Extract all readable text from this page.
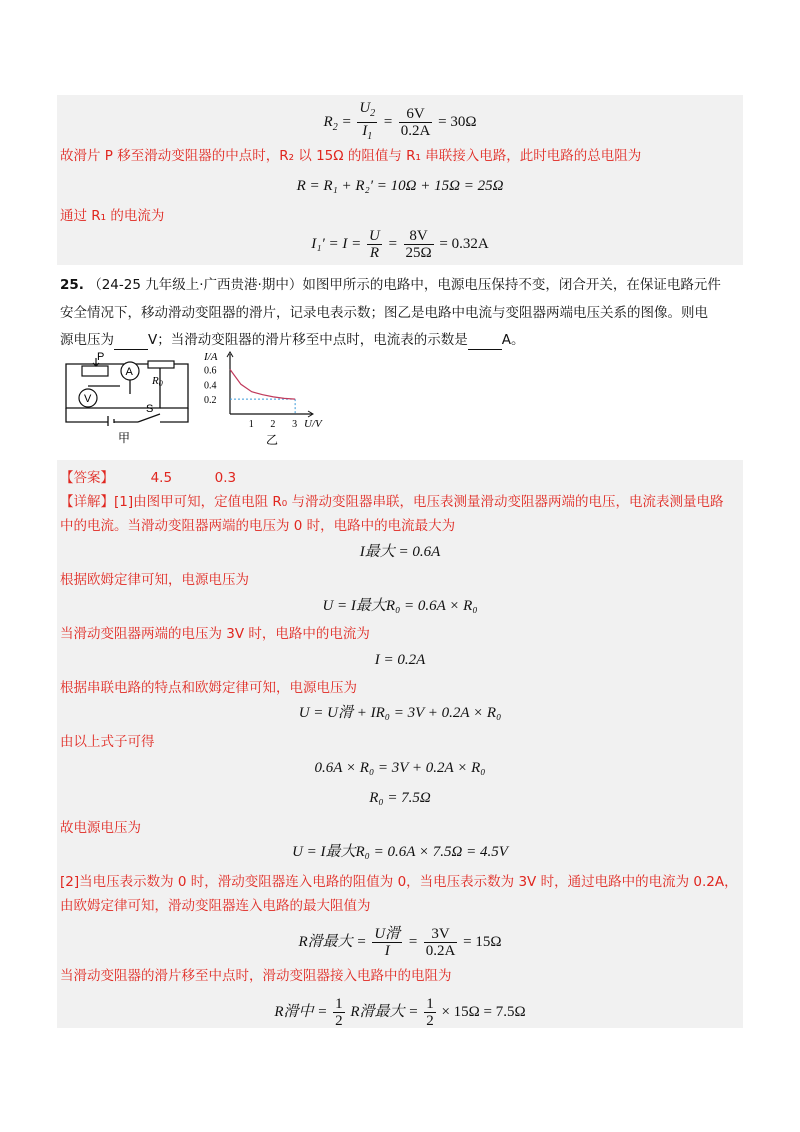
$R_2 = \frac{U_2}{I_1} = \frac{6V}{0.2A} = 30\Omega$
故滑片 P 移至滑动变阻器的中点时，R₂ 以 15Ω 的阻值与 R₁ 串联接入电路，此时电路的总电阻为
R = R₁ + R₂′ = 10Ω + 15Ω = 25Ω
通过 R₁ 的电流为
$I_1' = I = \frac{U}{R} = \frac{8V}{25\Omega} = 0.32A$
25. （24-25 九年级上·广西贵港·期中）如图甲所示的电路中，电源电压保持不变，闭合开关，在保证电路元件
安全情况下，移动滑动变阻器的滑片，记录电表示数；图乙是电路中电流与变阻器两端电压关系的图像。则电
源电压为	V；当滑动变阻器的滑片移至中点时，电流表的示数是	A。
P
A
R0
V
S
甲
I/A
U/V
0.6
0.4
0.2
1 2 3
乙
【答案】	4.5	0.3
【详解】[1]由图甲可知，定值电阻 R₀ 与滑动变阻器串联，电压表测量滑动变阻器两端的电压，电流表测量电路
中的电流。当滑动变阻器两端的电压为 0 时，电路中的电流最大为
I最大 = 0.6A
根据欧姆定律可知，电源电压为
U = I最大R₀ = 0.6A × R₀
当滑动变阻器两端的电压为 3V 时，电路中的电流为
I = 0.2A
根据串联电路的特点和欧姆定律可知，电源电压为
U = U滑 + IR₀ = 3V + 0.2A × R₀
由以上式子可得
0.6A × R₀ = 3V + 0.2A × R₀
R₀ = 7.5Ω
故电源电压为
U = I最大R₀ = 0.6A × 7.5Ω = 4.5V
[2]当电压表示数为 0 时，滑动变阻器连入电路的阻值为 0，当电压表示数为 3V 时，通过电路中的电流为 0.2A，
由欧姆定律可知，滑动变阻器连入电路的最大阻值为
R滑最大 = $\frac{\text{U滑}}{I} = \frac{3V}{0.2A} = 15\Omega$
当滑动变阻器的滑片移至中点时，滑动变阻器接入电路中的电阻为
R滑中 = $\frac{1}{2}$ R滑最大 = $\frac{1}{2} \times 15\Omega = 7.5\Omega$
